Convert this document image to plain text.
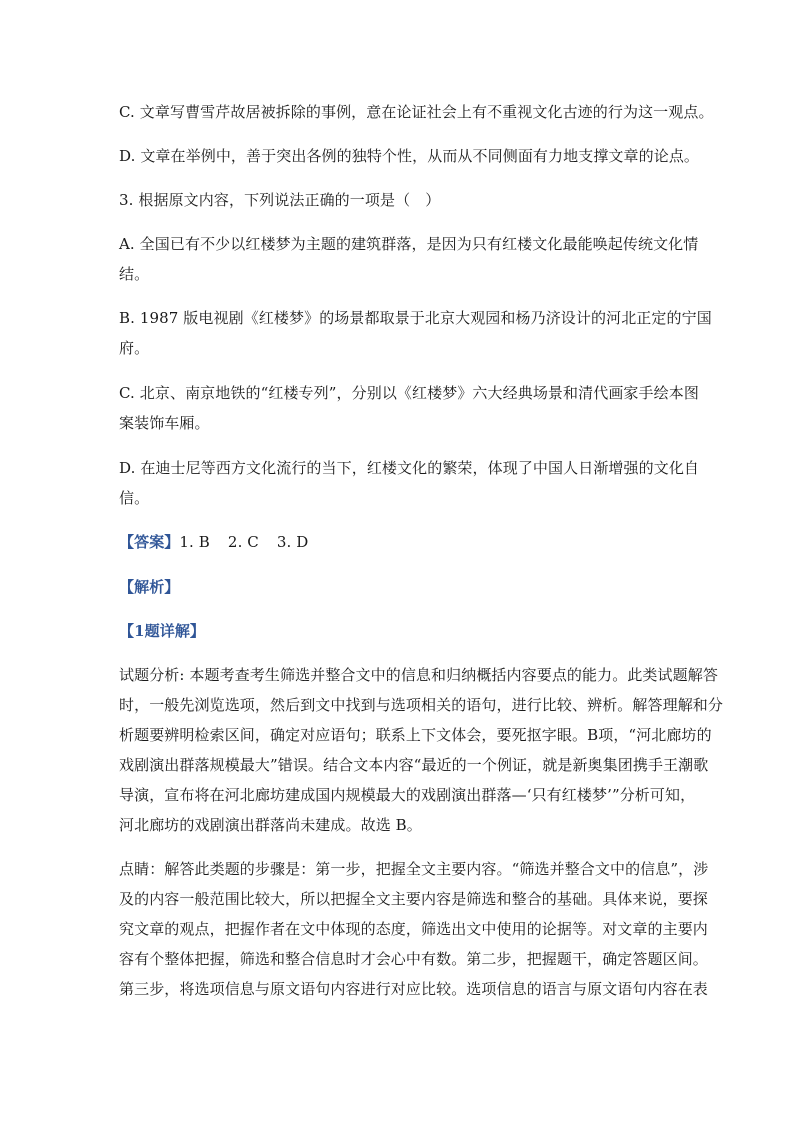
C. 文章写曹雪芹故居被拆除的事例，意在论证社会上有不重视文化古迹的行为这一观点。
D. 文章在举例中，善于突出各例的独特个性，从而从不同侧面有力地支撑文章的论点。
3. 根据原文内容，下列说法正确的一项是（　）
A. 全国已有不少以红楼梦为主题的建筑群落，是因为只有红楼文化最能唤起传统文化情
结。
B. 1987 版电视剧《红楼梦》的场景都取景于北京大观园和杨乃济设计的河北正定的宁国
府。
C. 北京、南京地铁的“红楼专列”，分别以《红楼梦》六大经典场景和清代画家手绘本图
案装饰车厢。
D. 在迪士尼等西方文化流行的当下，红楼文化的繁荣，体现了中国人日渐增强的文化自
信。
【答案】1. B 2. C 3. D
【解析】
【1题详解】
试题分析: 本题考查考生筛选并整合文中的信息和归纳概括内容要点的能力。此类试题解答
时，一般先浏览选项，然后到文中找到与选项相关的语句，进行比较、辨析。解答理解和分
析题要辨明检索区间，确定对应语句；联系上下文体会，要死抠字眼。B项，“河北廊坊的
戏剧演出群落规模最大”错误。结合文本内容“最近的一个例证，就是新奥集团携手王潮歌
导演，宣布将在河北廊坊建成国内规模最大的戏剧演出群落—‘只有红楼梦’”分析可知，
河北廊坊的戏剧演出群落尚未建成。故选 B。
点睛：解答此类题的步骤是：第一步，把握全文主要内容。“筛选并整合文中的信息”，涉
及的内容一般范围比较大，所以把握全文主要内容是筛选和整合的基础。具体来说，要探
究文章的观点，把握作者在文中体现的态度，筛选出文中使用的论据等。对文章的主要内
容有个整体把握，筛选和整合信息时才会心中有数。第二步，把握题干，确定答题区间。
第三步，将选项信息与原文语句内容进行对应比较。选项信息的语言与原文语句内容在表
